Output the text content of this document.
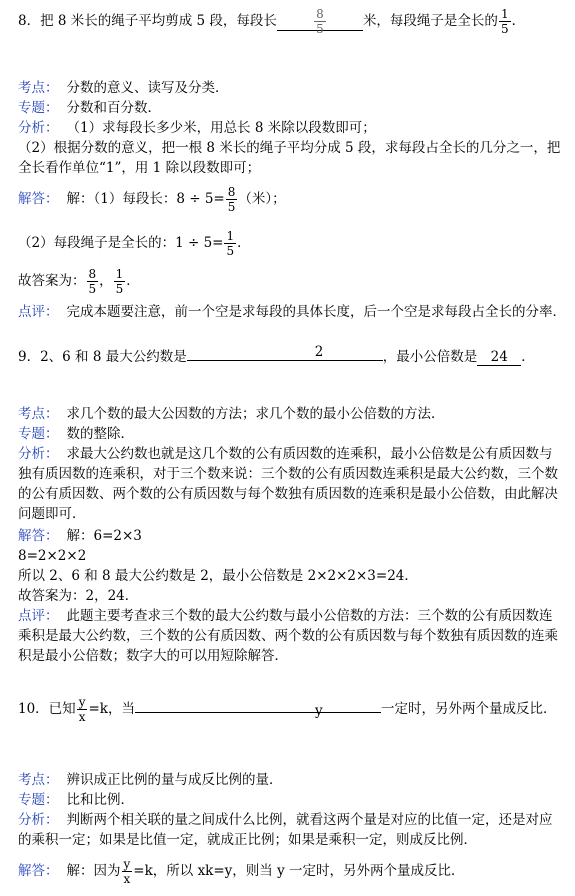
8．把 8 米长的绳子平均剪成 5 段，每段长	$\frac{8}{5}$	米，每段绳子是全长的 $\frac{1}{5}$ ．
考点： 分数的意义、读写及分类．
专题： 分数和百分数．
分析： （1）求每段长多少米，用总长 8 米除以段数即可；
（2）根据分数的意义，把一根 8 米长的绳子平均分成 5 段，求每段占全长的几分之一，把
全长看作单位“1”，用 1 除以段数即可；
解答： 解：（1）每段长：$8 \div 5= \frac{8}{5}$ （米）；
（2）每段绳子是全长的：$1 \div 5= \frac{1}{5}$ ．
故答案为： $\frac{8}{5}$ ， $\frac{1}{5}$ ．
点评： 完成本题要注意，前一个空是求每段的具体长度，后一个空是求每段占全长的分率．
9．2、6 和 8 最大公约数是	2	，最小公倍数是 24 ．
考点： 求几个数的最大公因数的方法；求几个数的最小公倍数的方法．
专题： 数的整除．
分析： 求最大公约数也就是这几个数的公有质因数的连乘积，最小公倍数是公有质因数与
独有质因数的连乘积，对于三个数来说：三个数的公有质因数连乘积是最大公约数，三个数
的公有质因数、两个数的公有质因数与每个数独有质因数的连乘积是最小公倍数，由此解决
问题即可．
解答： 解：6=2×3
8=2×2×2
所以 2、6 和 8 最大公约数是 2，最小公倍数是 2×2×2×3=24．
故答案为：2，24．
点评： 此题主要考查求三个数的最大公约数与最小公倍数的方法：三个数的公有质因数连
乘积是最大公约数，三个数的公有质因数、两个数的公有质因数与每个数独有质因数的连乘
积是最小公倍数；数字大的可以用短除解答．
10．已知 $\frac{y}{x} =k$，当	y	一定时，另外两个量成反比．
考点： 辨识成正比例的量与成反比例的量．
专题： 比和比例．
分析： 判断两个相关联的量之间成什么比例，就看这两个量是对应的比值一定，还是对应
的乘积一定；如果是比值一定，就成正比例；如果是乘积一定，则成反比例．
解答： 解：因为 $\frac{y}{x} =k$，所以 xk=y，则当 y 一定时，另外两个量成反比．
